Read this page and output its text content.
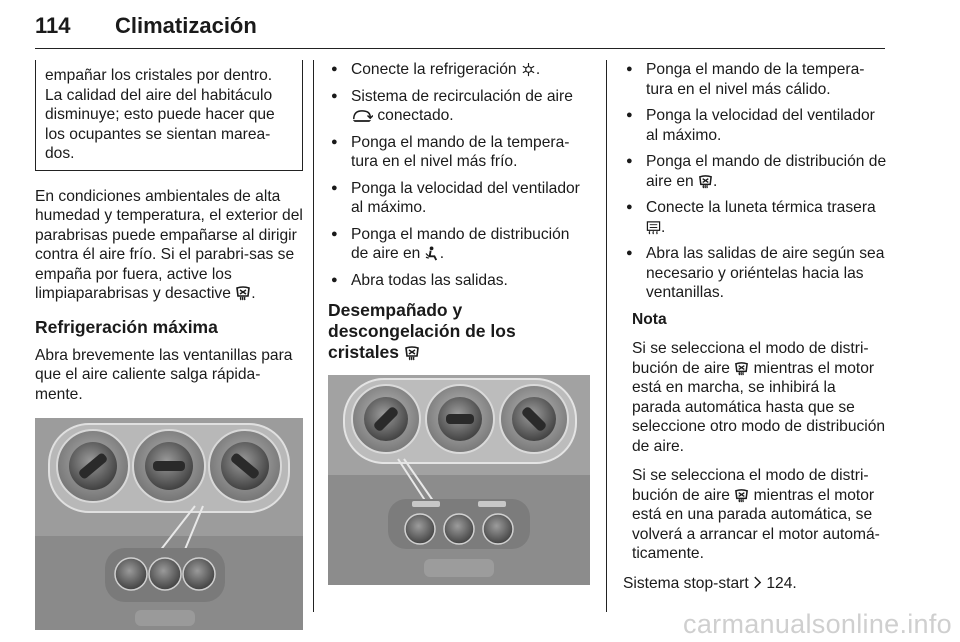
114 Climatización
empañar los cristales por dentro. La calidad del aire del habitáculo disminuye; esto puede hacer que los ocupantes se sientan marea-dos.

En condiciones ambientales de alta humedad y temperatura, el exterior del parabrisas puede empañarse al dirigir contra él aire frío. Si el parabri-sas se empaña por fuera, active los limpiaparabrisas y desactive .

Refrigeración máxima

Abra brevemente las ventanillas para que el aire caliente salga rápida-mente.

● Conecte la refrigeración .
● Sistema de recirculación de aire
conectado.
● Ponga el mando de la tempera-tura en el nivel más frío.
● Ponga la velocidad del ventilador al máximo.
● Ponga el mando de distribución de aire en .
● Abra todas las salidas.
Desempañado y descongelación de los cristales
● Ponga el mando de la tempera-tura en el nivel más cálido.
● Ponga la velocidad del ventilador al máximo.
● Ponga el mando de distribución de aire en .
● Conecte la luneta térmica trasera .
● Abra las salidas de aire según sea necesario y oriéntelas hacia las ventanillas.

Nota

Si se selecciona el modo de distri-bución de aire mientras el motor está en marcha, se inhibirá la parada automática hasta que se seleccione otro modo de distribución de aire.

Si se selecciona el modo de distri-bución de aire mientras el motor está en una parada automática, se volverá a arrancar el motor automá-ticamente.

Sistema stop-start 124.

carmanualsonline.info
